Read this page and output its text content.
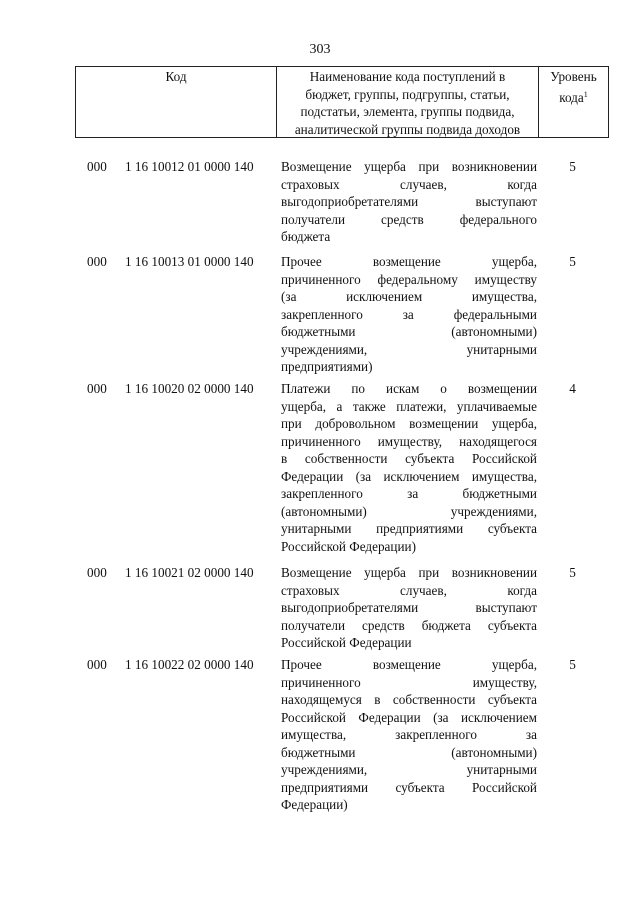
303
Код	Наименование кода поступлений в
бюджет, группы, подгруппы, статьи,
подстатьи, элемента, группы подвида,
аналитической группы подвида доходов
Уровень
кода$^1$
000 1 16 10012 01 0000 140 Возмещение ущерба при возникновении
страховых случаев, когда
выгодоприобретателями выступают
получатели средств федерального
бюджета
5
000 1 16 10013 01 0000 140 Прочее возмещение ущерба,
причиненного федеральному имуществу
(за исключением имущества,
закрепленного за федеральными
бюджетными (автономными)
учреждениями, унитарными
предприятиями)
5
000 1 16 10020 02 0000 140 Платежи по искам о возмещении
ущерба, а также платежи, уплачиваемые
при добровольном возмещении ущерба,
причиненного имуществу, находящегося
в собственности субъекта Российской
Федерации (за исключением имущества,
закрепленного за бюджетными
(автономными) учреждениями,
унитарными предприятиями субъекта
Российской Федерации)
4
000 1 16 10021 02 0000 140 Возмещение ущерба при возникновении
страховых случаев, когда
выгодоприобретателями выступают
получатели средств бюджета субъекта
Российской Федерации
5
000 1 16 10022 02 0000 140 Прочее возмещение ущерба,
причиненного имуществу,
находящемуся в собственности субъекта
Российской Федерации (за исключением
имущества, закрепленного за
бюджетными (автономными)
учреждениями, унитарными
предприятиями субъекта Российской
Федерации)
5
